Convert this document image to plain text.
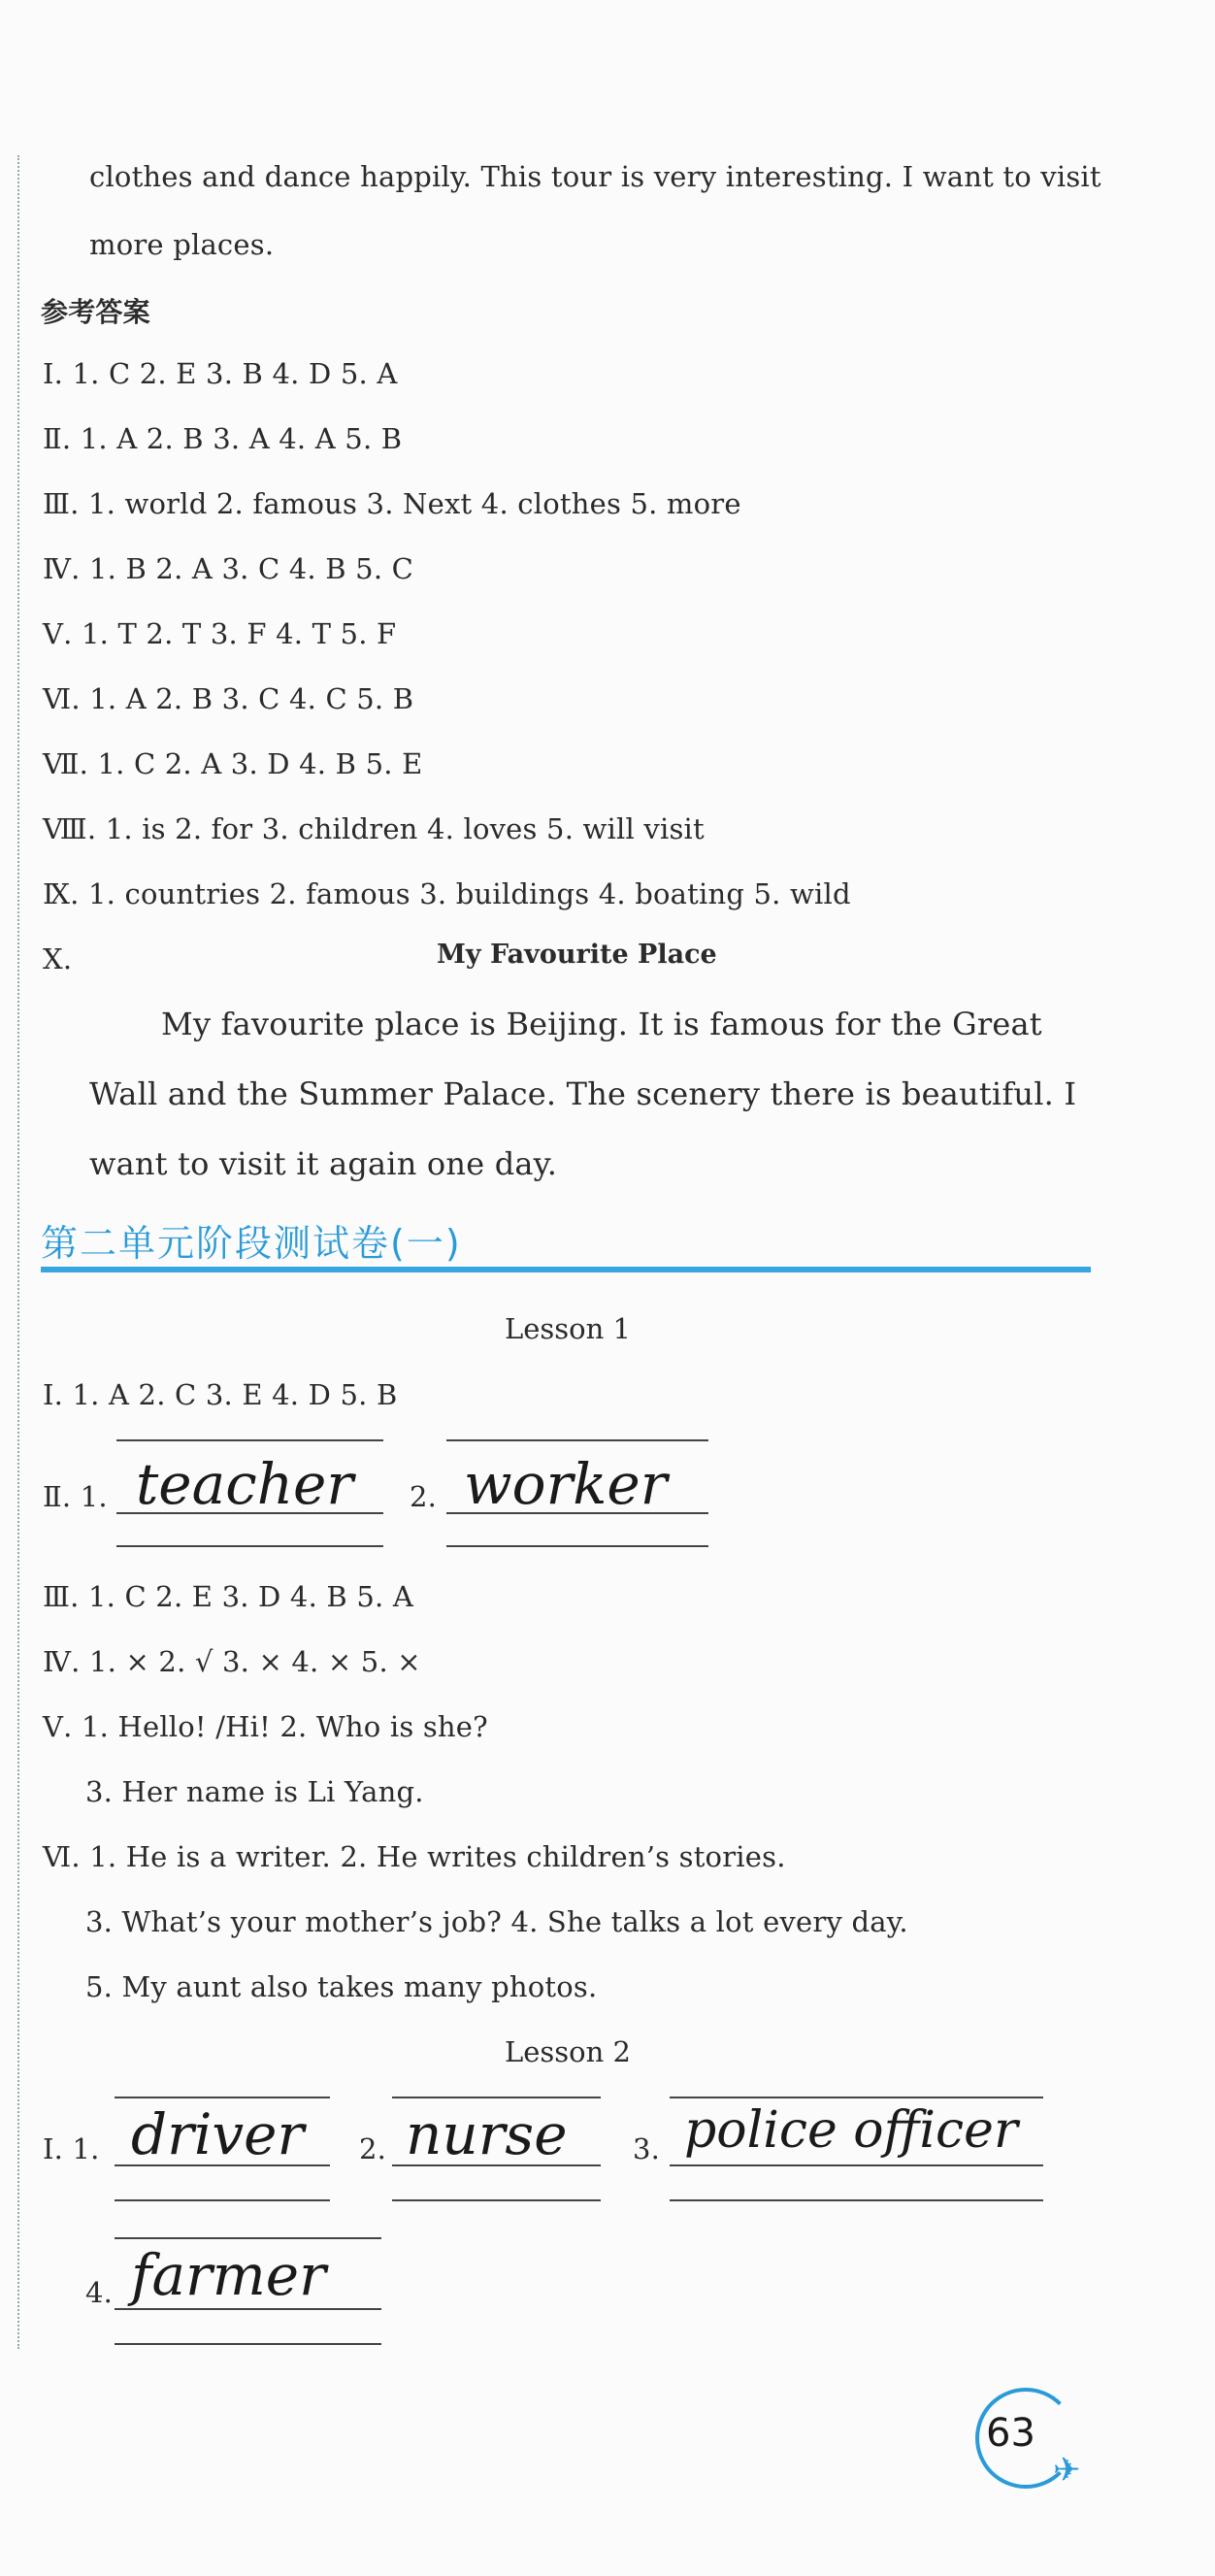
clothes and dance happily. This tour is very interesting. I want to visit
more places.
参考答案
Ⅰ. 1. C 2. E 3. B 4. D 5. A
Ⅱ. 1. A 2. B 3. A 4. A 5. B
Ⅲ. 1. world 2. famous 3. Next 4. clothes 5. more
Ⅳ. 1. B 2. A 3. C 4. B 5. C
Ⅴ. 1. T 2. T 3. F 4. T 5. F
Ⅵ. 1. A 2. B 3. C 4. C 5. B
Ⅶ. 1. C 2. A 3. D 4. B 5. E
Ⅷ. 1. is 2. for 3. children 4. loves 5. will visit
Ⅸ. 1. countries 2. famous 3. buildings 4. boating 5. wild
Ⅹ.	My Favourite Place
My favourite place is Beijing. It is famous for the Great
Wall and the Summer Palace. The scenery there is beautiful. I
want to visit it again one day.
第二单元阶段测试卷(一)
Lesson 1
Ⅰ. 1. A 2. C 3. E 4. D 5. B
Ⅱ. 1. teacher 2. worker
Ⅲ. 1. C 2. E 3. D 4. B 5. A
Ⅳ. 1. × 2. √ 3. × 4. × 5. ×
Ⅴ. 1. Hello! /Hi! 2. Who is she?
3. Her name is Li Yang.
Ⅵ. 1. He is a writer. 2. He writes children’s stories.
3. What’s your mother’s job? 4. She talks a lot every day.
5. My aunt also takes many photos.
Lesson 2
Ⅰ. 1. driver 2. nurse 3. police officer
4. farmer
63
✈
